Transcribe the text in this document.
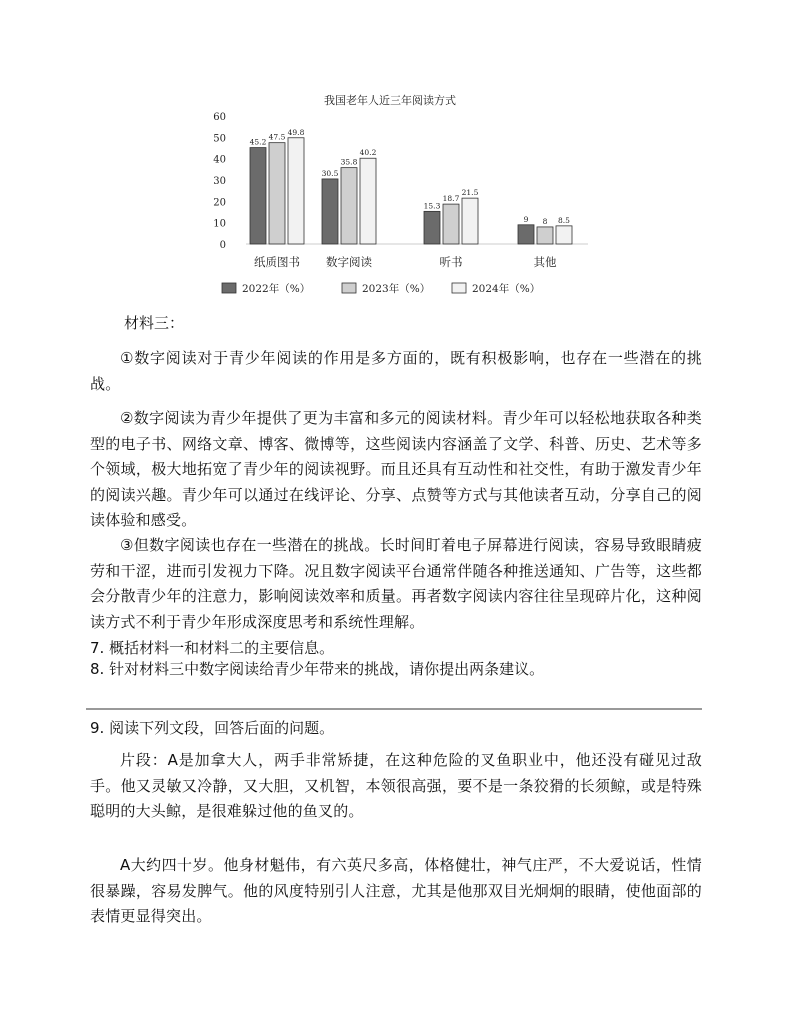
我国老年人近三年阅读方式
0
10
20
30
40
50
60
45.2
47.5
49.8
纸质图书
30.5
35.8
40.2
数字阅读
15.3
18.7
21.5
听书
9 8 8.5
其他
2022年（%）	2023年（%）	2024年（%）
材料三：

①数字阅读对于青少年阅读的作用是多方面的，既有积极影响，也存在一些潜在的挑战。

②数字阅读为青少年提供了更为丰富和多元的阅读材料。青少年可以轻松地获取各种类型的电子书、网络文章、博客、微博等，这些阅读内容涵盖了文学、科普、历史、艺术等多个领域，极大地拓宽了青少年的阅读视野。而且还具有互动性和社交性，有助于激发青少年的阅读兴趣。青少年可以通过在线评论、分享、点赞等方式与其他读者互动，分享自己的阅读体验和感受。

③但数字阅读也存在一些潜在的挑战。长时间盯着电子屏幕进行阅读，容易导致眼睛疲劳和干涩，进而引发视力下降。况且数字阅读平台通常伴随各种推送通知、广告等，这些都会分散青少年的注意力，影响阅读效率和质量。再者数字阅读内容往往呈现碎片化，这种阅读方式不利于青少年形成深度思考和系统性理解。

7. 概括材料一和材料二的主要信息。
8. 针对材料三中数字阅读给青少年带来的挑战，请你提出两条建议。
9. 阅读下列文段，回答后面的问题。

片段：A是加拿大人，两手非常矫捷，在这种危险的叉鱼职业中，他还没有碰见过敌手。他又灵敏又冷静，又大胆，又机智，本领很高强，要不是一条狡猾的长须鲸，或是特殊聪明的大头鲸，是很难躲过他的鱼叉的。

A大约四十岁。他身材魁伟，有六英尺多高，体格健壮，神气庄严，不大爱说话，性情很暴躁，容易发脾气。他的风度特别引人注意，尤其是他那双目光炯炯的眼睛，使他面部的表情更显得突出。
